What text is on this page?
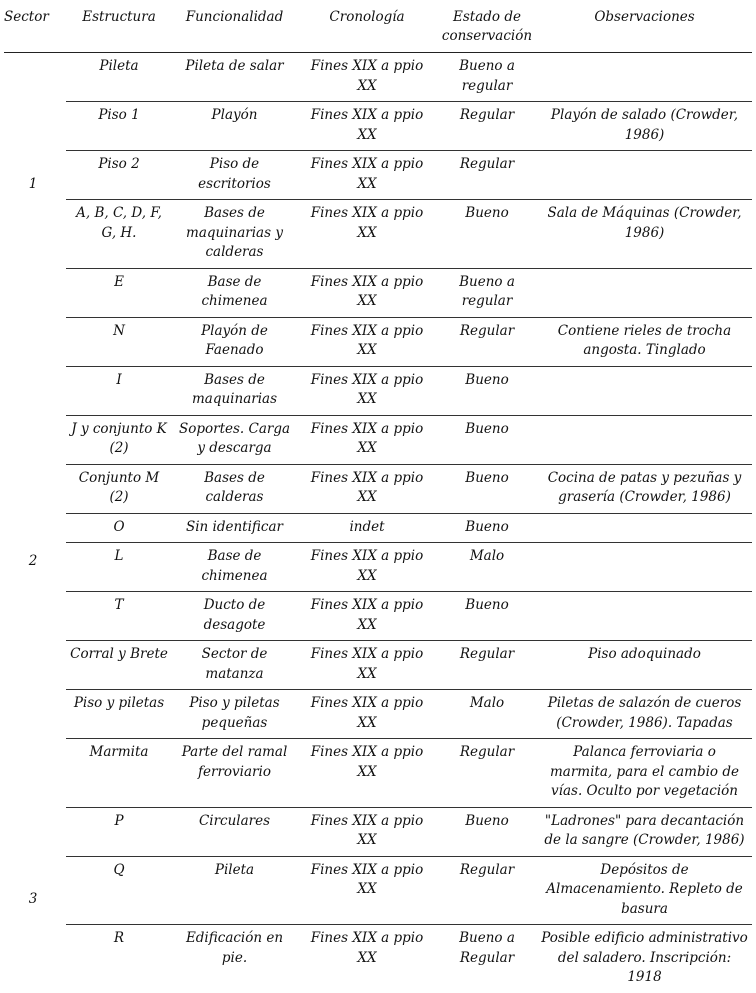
Sector	Estructura	Funcionalidad	Cronología	Estado de conservación	Observaciones
1	Pileta	Pileta de salar	Fines XIX a ppio XX	Bueno a regular	
	Piso 1	Playón	Fines XIX a ppio XX	Regular	Playón de salado (Crowder, 1986)
	Piso 2	Piso de escritorios	Fines XIX a ppio XX	Regular	
	A, B, C, D, F, G, H.	Bases de maquinarias y calderas	Fines XIX a ppio XX	Bueno	Sala de Máquinas (Crowder, 1986)
	E	Base de chimenea	Fines XIX a ppio XX	Bueno a regular	
2	N	Playón de Faenado	Fines XIX a ppio XX	Regular	Contiene rieles de trocha angosta. Tinglado
	I	Bases de maquinarias	Fines XIX a ppio XX	Bueno	
	J y conjunto K (2)	Soportes. Carga y descarga	Fines XIX a ppio XX	Bueno	
	Conjunto M (2)	Bases de calderas	Fines XIX a ppio XX	Bueno	Cocina de patas y pezuñas y grasería (Crowder, 1986)
	O	Sin identificar	indet	Bueno	
	L	Base de chimenea	Fines XIX a ppio XX	Malo	
	T	Ducto de desagote	Fines XIX a ppio XX	Bueno	
	Corral y Brete	Sector de matanza	Fines XIX a ppio XX	Regular	Piso adoquinado
	Piso y piletas	Piso y piletas pequeñas	Fines XIX a ppio XX	Malo	Piletas de salazón de cueros (Crowder, 1986). Tapadas
	Marmita	Parte del ramal ferroviario	Fines XIX a ppio XX	Regular	Palanca ferroviaria o marmita, para el cambio de vías. Oculto por vegetación
3	P	Circulares	Fines XIX a ppio XX	Bueno	"Ladrones" para decantación de la sangre (Crowder, 1986)
	Q	Pileta	Fines XIX a ppio XX	Regular	Depósitos de Almacenamiento. Repleto de basura
	R	Edificación en pie.	Fines XIX a ppio XX	Bueno a Regular	Posible edificio administrativo del saladero. Inscripción: 1918
